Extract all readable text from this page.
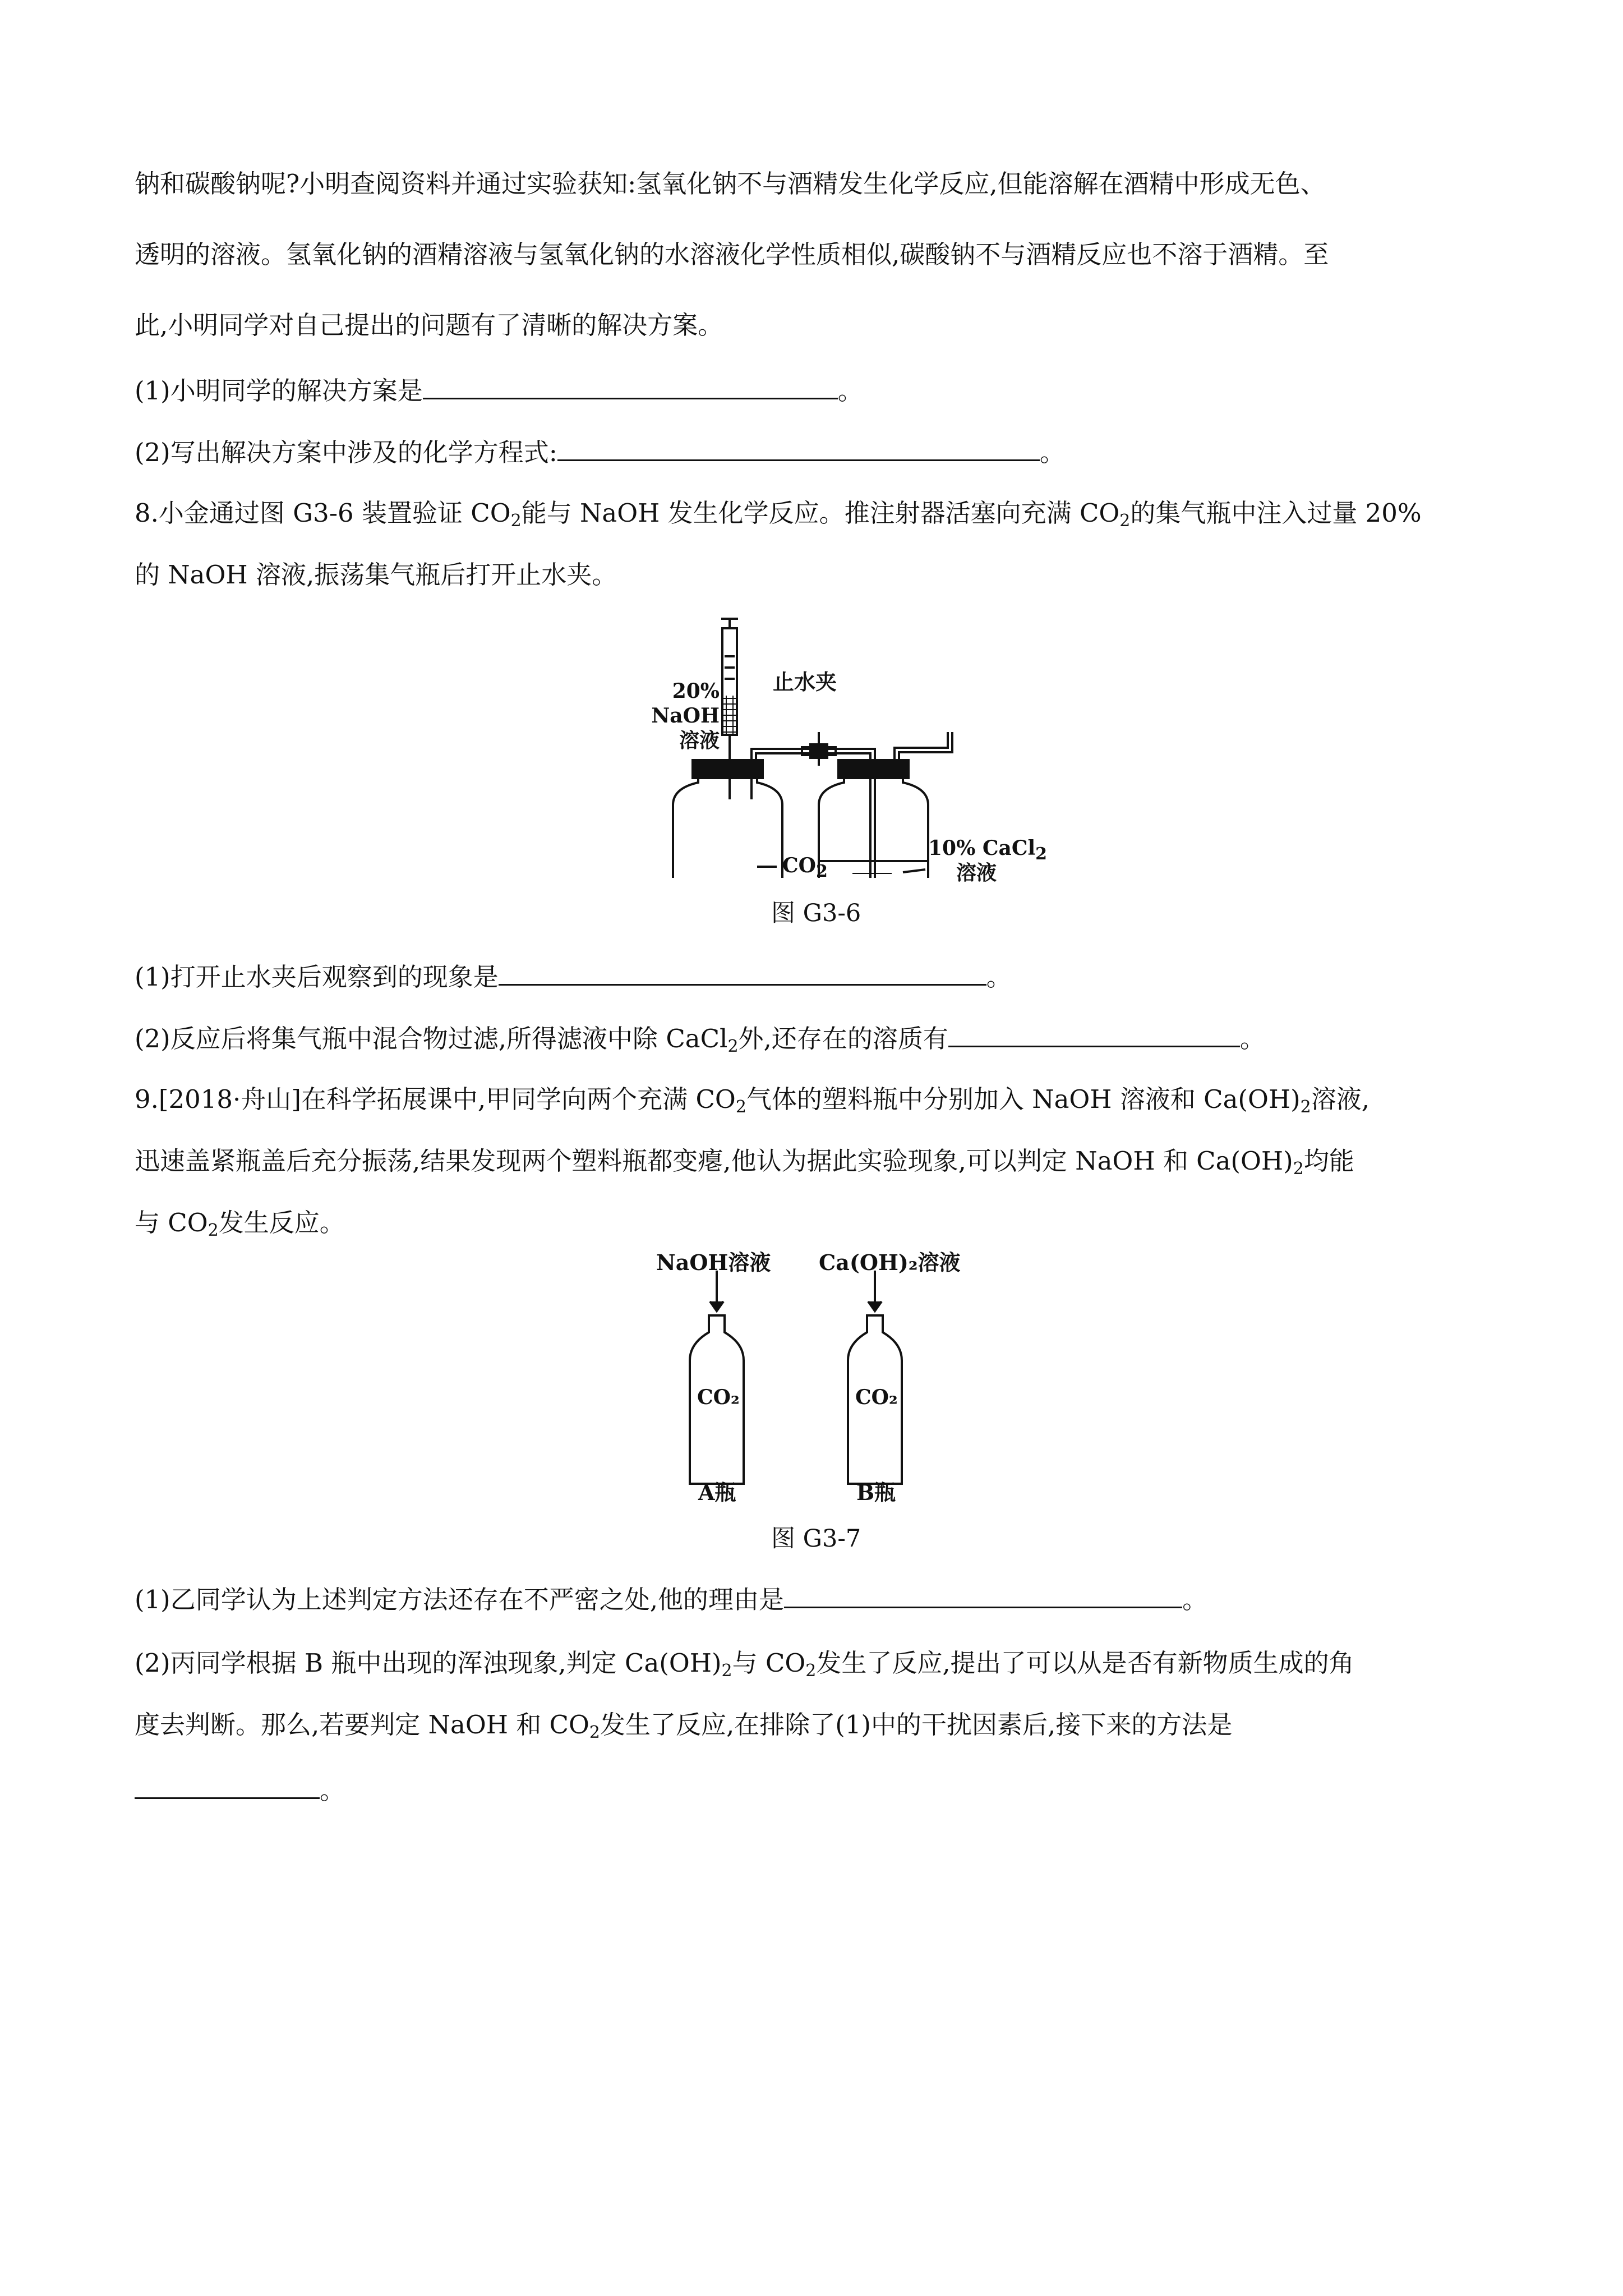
钠和碳酸钠呢?小明查阅资料并通过实验获知:氢氧化钠不与酒精发生化学反应,但能溶解在酒精中形成无色、
透明的溶液。氢氧化钠的酒精溶液与氢氧化钠的水溶液化学性质相似,碳酸钠不与酒精反应也不溶于酒精。至
此,小明同学对自己提出的问题有了清晰的解决方案。
(1)小明同学的解决方案是	。
(2)写出解决方案中涉及的化学方程式:	。
8.小金通过图 G3-6 装置验证 $CO_2$能与 NaOH 发生化学反应。推注射器活塞向充满 $CO_2$的集气瓶中注入过量 20%
的 NaOH 溶液,振荡集气瓶后打开止水夹。
20% NaOH
溶液
止水夹
$CO_2$
10% CaCl$_2$
溶液
图 G3-6
(1)打开止水夹后观察到的现象是	。
(2)反应后将集气瓶中混合物过滤,所得滤液中除 CaCl$_2$外,还存在的溶质有	。
9.[2018·舟山]在科学拓展课中,甲同学向两个充满 $CO_2$气体的塑料瓶中分别加入 NaOH 溶液和 $Ca(OH)_2$溶液,
迅速盖紧瓶盖后充分振荡,结果发现两个塑料瓶都变瘪,他认为据此实验现象,可以判定 NaOH 和 $Ca(OH)_2$均能
与 $CO_2$发生反应。
NaOH溶液 Ca(OH)₂溶液
CO₂	CO₂
A瓶	B瓶
图 G3-7
(1)乙同学认为上述判定方法还存在不严密之处,他的理由是	。
(2)丙同学根据 B 瓶中出现的浑浊现象,判定 $Ca(OH)_2$与 $CO_2$发生了反应,提出了可以从是否有新物质生成的角
度去判断。那么,若要判定 NaOH 和 $CO_2$发生了反应,在排除了(1)中的干扰因素后,接下来的方法是
。
